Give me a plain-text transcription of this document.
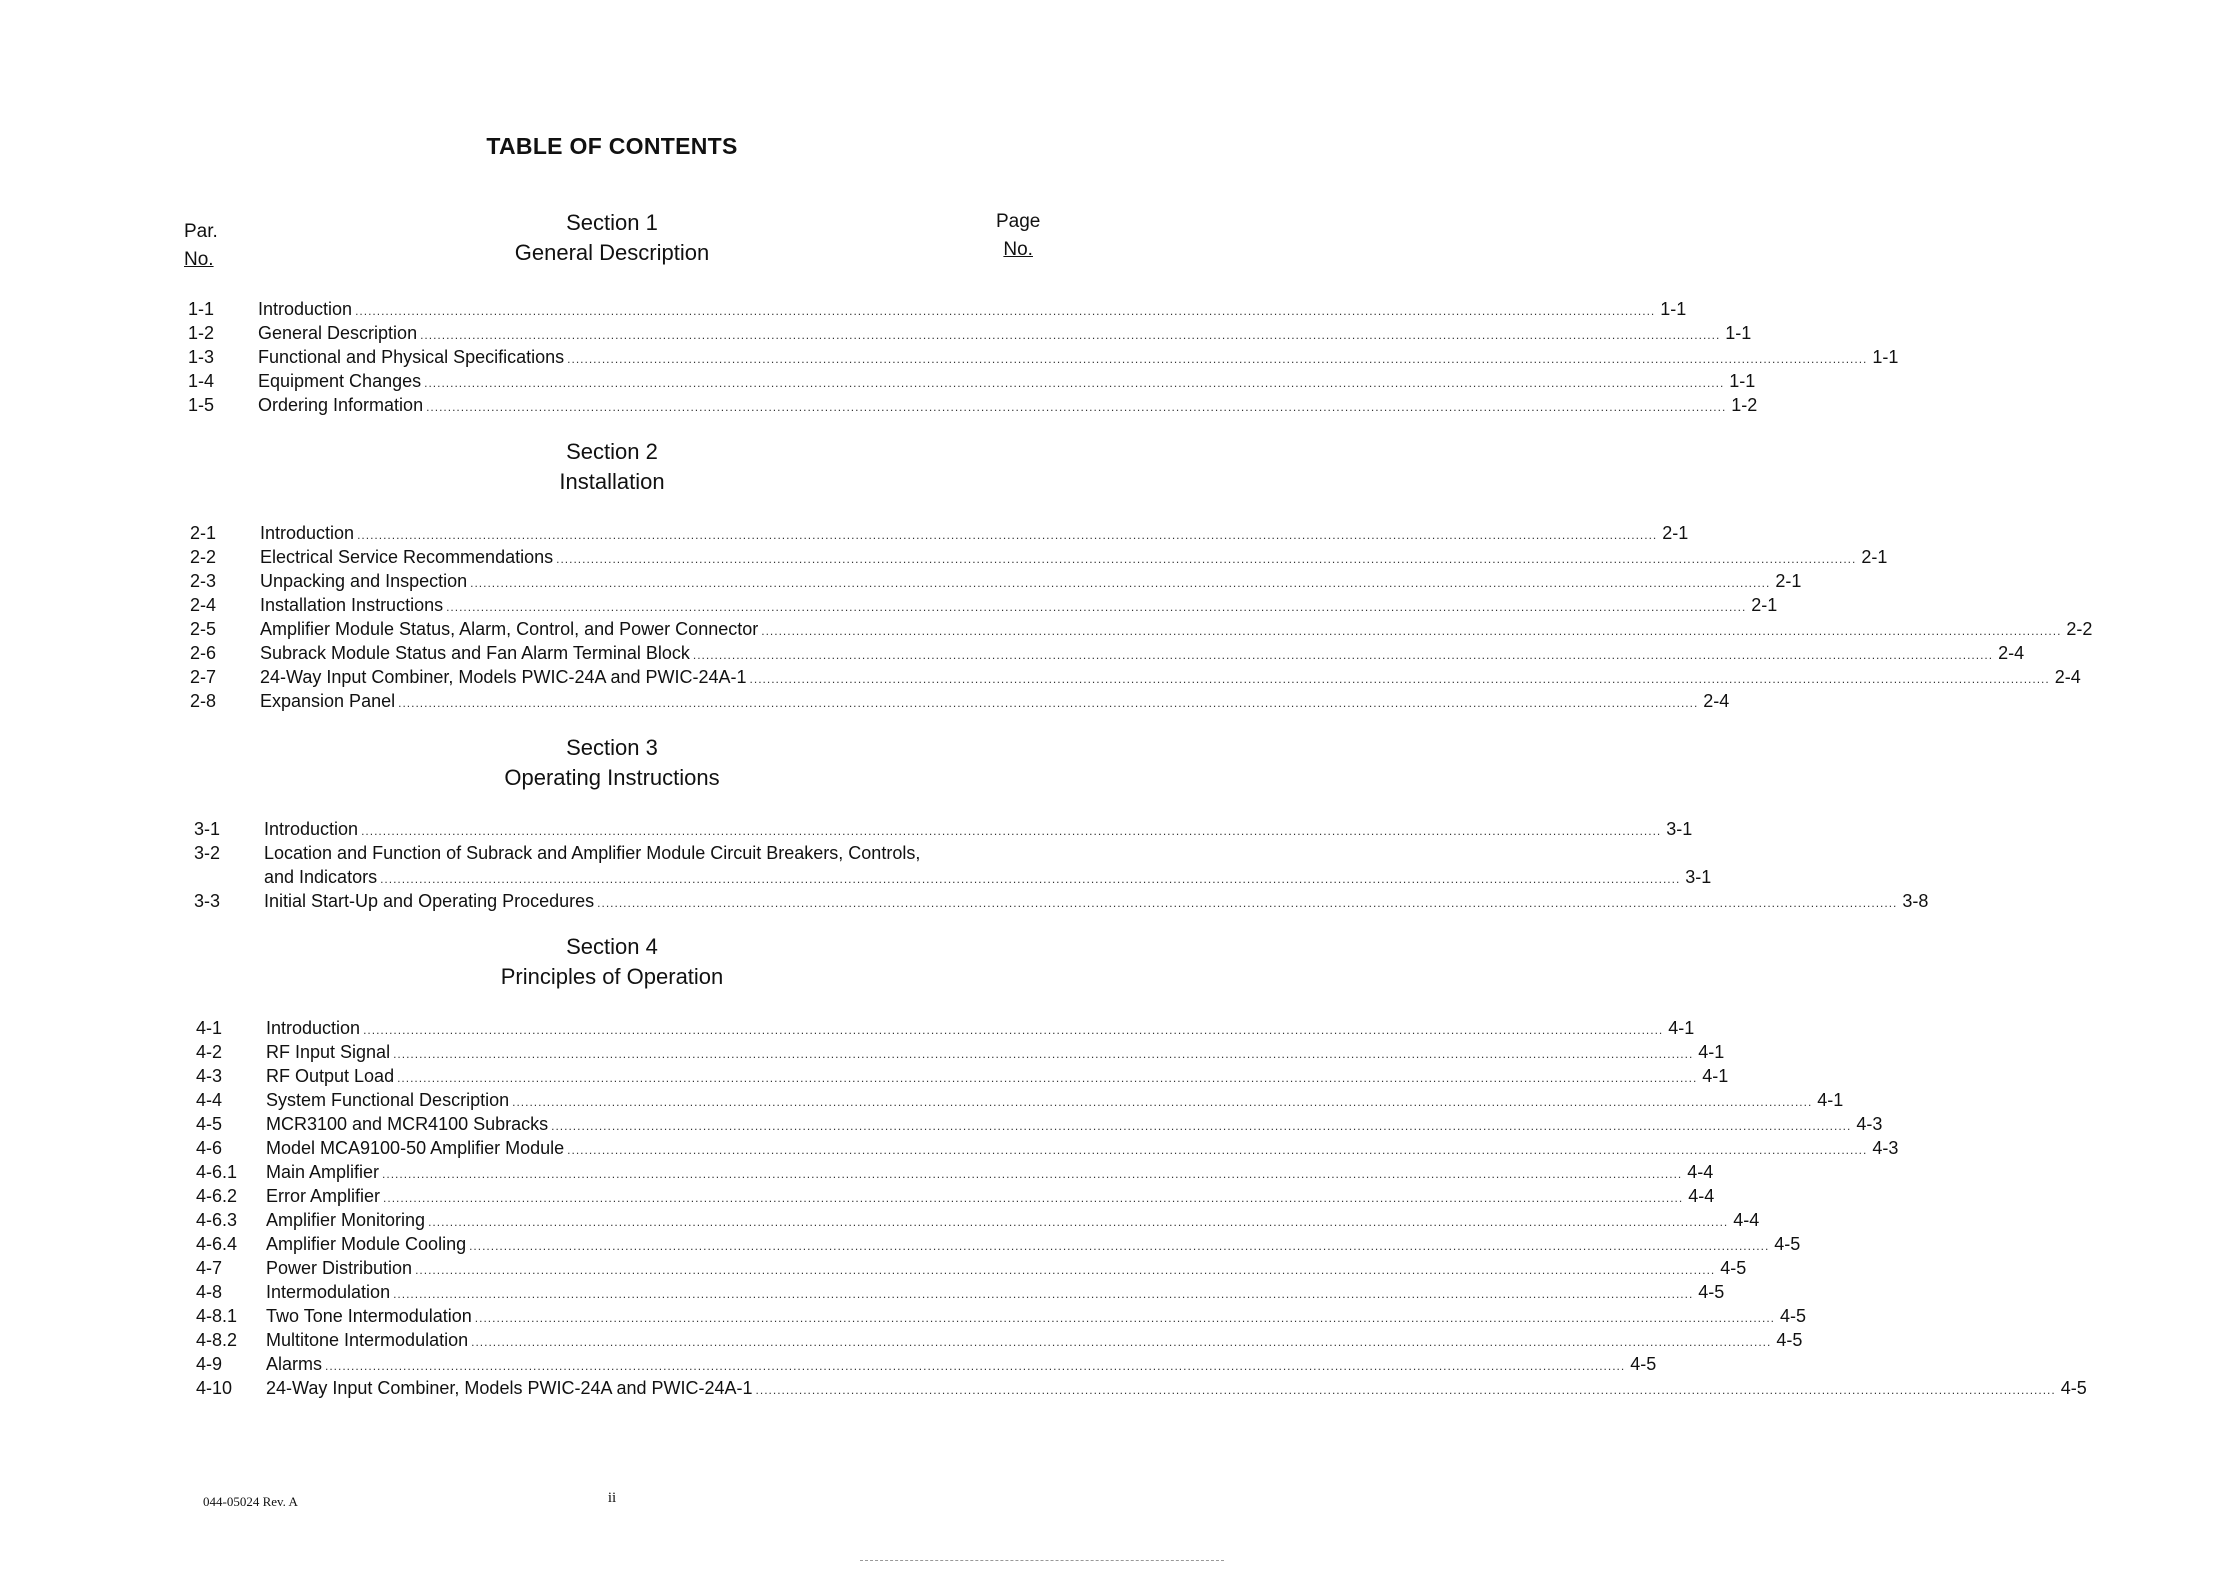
TABLE OF CONTENTS
Par.
No.
Page
No.
Section 1
General Description
1-1	Introduction ............................................................................................................................................................................................................................................................................................................ 1-1
1-2	General Description ............................................................................................................................................................................................................................................................................................................ 1-1
1-3	Functional and Physical Specifications ............................................................................................................................................................................................................................................................................................................ 1-1
1-4	Equipment Changes ............................................................................................................................................................................................................................................................................................................ 1-1
1-5	Ordering Information ............................................................................................................................................................................................................................................................................................................ 1-2
Section 2
Installation
2-1	Introduction ............................................................................................................................................................................................................................................................................................................ 2-1
2-2	Electrical Service Recommendations ............................................................................................................................................................................................................................................................................................................ 2-1
2-3	Unpacking and Inspection ............................................................................................................................................................................................................................................................................................................ 2-1
2-4	Installation Instructions ............................................................................................................................................................................................................................................................................................................ 2-1
2-5	Amplifier Module Status, Alarm, Control, and Power Connector ............................................................................................................................................................................................................................................................................................................ 2-2
2-6	Subrack Module Status and Fan Alarm Terminal Block ............................................................................................................................................................................................................................................................................................................ 2-4
2-7	24-Way Input Combiner, Models PWIC-24A and PWIC-24A-1 ............................................................................................................................................................................................................................................................................................................ 2-4
2-8	Expansion Panel ............................................................................................................................................................................................................................................................................................................ 2-4
Section 3
Operating Instructions
3-1	Introduction ............................................................................................................................................................................................................................................................................................................ 3-1
3-2	Location and Function of Subrack and Amplifier Module Circuit Breakers, Controls,
and Indicators ............................................................................................................................................................................................................................................................................................................ 3-1
3-3	Initial Start-Up and Operating Procedures ............................................................................................................................................................................................................................................................................................................ 3-8
Section 4
Principles of Operation
4-1	Introduction ............................................................................................................................................................................................................................................................................................................ 4-1
4-2	RF Input Signal ............................................................................................................................................................................................................................................................................................................ 4-1
4-3	RF Output Load ............................................................................................................................................................................................................................................................................................................ 4-1
4-4	System Functional Description ............................................................................................................................................................................................................................................................................................................ 4-1
4-5	MCR3100 and MCR4100 Subracks ............................................................................................................................................................................................................................................................................................................ 4-3
4-6	Model MCA9100-50 Amplifier Module ............................................................................................................................................................................................................................................................................................................ 4-3
4-6.1	Main Amplifier ............................................................................................................................................................................................................................................................................................................ 4-4
4-6.2	Error Amplifier ............................................................................................................................................................................................................................................................................................................ 4-4
4-6.3	Amplifier Monitoring ............................................................................................................................................................................................................................................................................................................ 4-4
4-6.4	Amplifier Module Cooling ............................................................................................................................................................................................................................................................................................................ 4-5
4-7	Power Distribution ............................................................................................................................................................................................................................................................................................................ 4-5
4-8	Intermodulation ............................................................................................................................................................................................................................................................................................................ 4-5
4-8.1	Two Tone Intermodulation ............................................................................................................................................................................................................................................................................................................ 4-5
4-8.2	Multitone Intermodulation ............................................................................................................................................................................................................................................................................................................ 4-5
4-9	Alarms ............................................................................................................................................................................................................................................................................................................ 4-5
4-10	24-Way Input Combiner, Models PWIC-24A and PWIC-24A-1 ............................................................................................................................................................................................................................................................................................................ 4-5
044-05024 Rev. A	ii
